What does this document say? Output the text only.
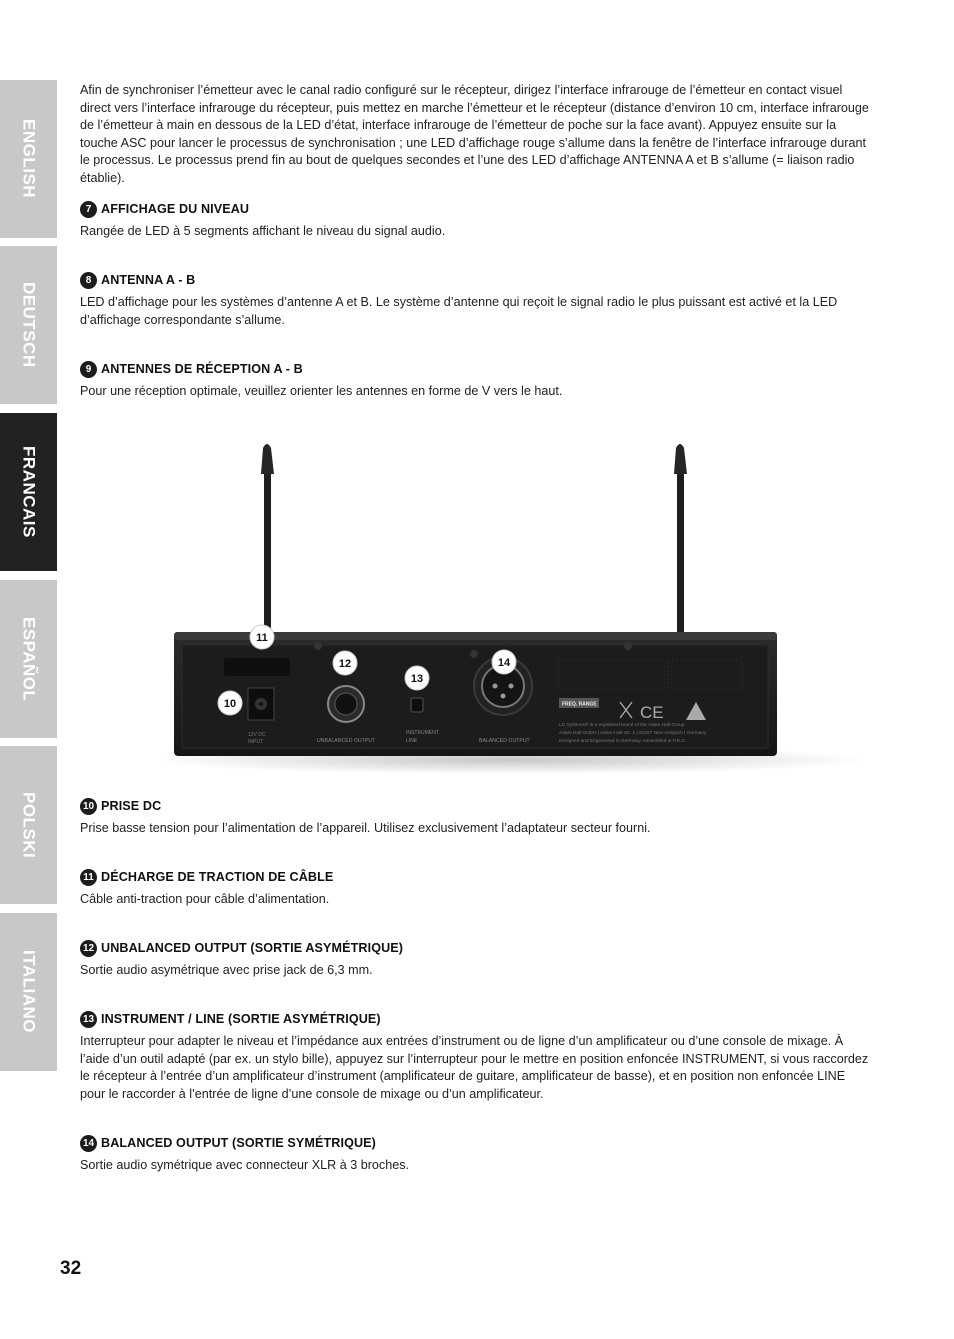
ENGLISH
DEUTSCH
FRANCAIS
ESPAÑOL
POLSKI
ITALIANO

Afin de synchroniser l’émetteur avec le canal radio configuré sur le récepteur, dirigez l’interface infrarouge de l’émetteur en contact visuel direct vers l’interface infrarouge du récepteur, puis mettez en marche l’émetteur et le récepteur (distance d’environ 10 cm, interface infrarouge de l’émetteur à main en dessous de la LED d’état, interface infrarouge de l’émetteur de poche sur la face avant). Appuyez ensuite sur la touche ASC pour lancer le processus de synchronisation ; une LED d’affichage rouge s’allume dans la fenêtre de l’interface infrarouge durant le processus. Le processus prend fin au bout de quelques secondes et l’une des LED d’affichage ANTENNA A et B s’allume (= liaison radio établie).

7 AFFICHAGE DU NIVEAU

Rangée de LED à 5 segments affichant le niveau du signal audio.

8 ANTENNA A - B

LED d’affichage pour les systèmes d’antenne A et B. Le système d’antenne qui reçoit le signal radio le plus puissant est activé et la LED d’affichage correspondante s’allume.

9 ANTENNES DE RÉCEPTION A - B

Pour une réception optimale, veuillez orienter les antennes en forme de V vers le haut.

12V DC
INPUT	UNBALANCED OUTPUT
INSTRUMENT
LINE	BALANCED OUTPUT
FREQ. RANGE	CE
LD Systems® is a registered brand of the Adam Hall Group
Adam Hall GmbH | Adam-Hall-Str. 1 | 61267 Neu-Anspach | Germany
Designed and Engineered in Germany, Assembled in P.R.C.
11
12
13
14
10
10 PRISE DC

Prise basse tension pour l’alimentation de l’appareil. Utilisez exclusivement l’adaptateur secteur fourni.

11 DÉCHARGE DE TRACTION DE CÂBLE

Câble anti-traction pour câble d’alimentation.

12 UNBALANCED OUTPUT (SORTIE ASYMÉTRIQUE)

Sortie audio asymétrique avec prise jack de 6,3 mm.

13 INSTRUMENT / LINE (SORTIE ASYMÉTRIQUE)

Interrupteur pour adapter le niveau et l’impédance aux entrées d’instrument ou de ligne d’un amplificateur ou d’une console de mixage. À l’aide d’un outil adapté (par ex. un stylo bille), appuyez sur l’interrupteur pour le mettre en position enfoncée INSTRUMENT, si vous raccordez le récepteur à l’entrée d’un amplificateur d’instrument (amplificateur de guitare, amplificateur de basse), et en position non enfoncée LINE pour le raccorder à l’entrée de ligne d’une console de mixage ou d’un amplificateur.

14 BALANCED OUTPUT (SORTIE SYMÉTRIQUE)

Sortie audio symétrique avec connecteur XLR à 3 broches.

32
